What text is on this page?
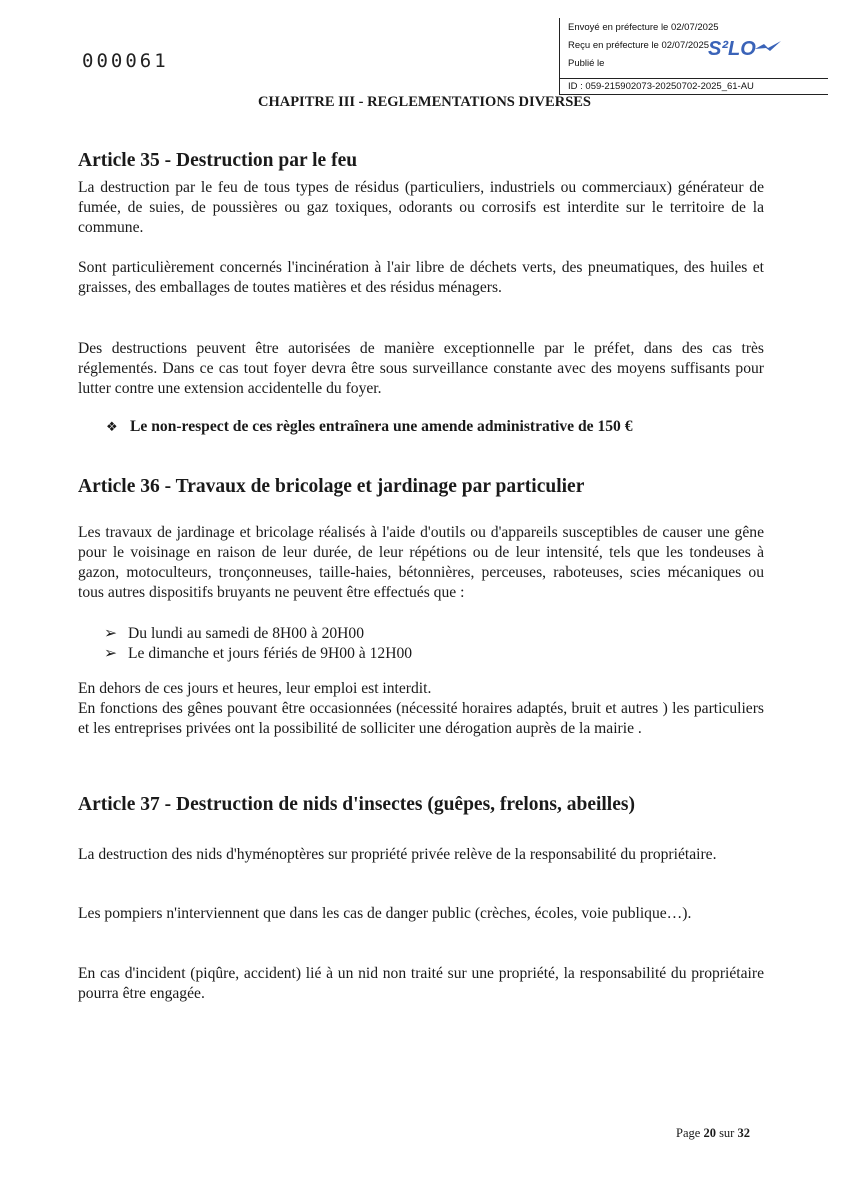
Envoyé en préfecture le 02/07/2025
Reçu en préfecture le 02/07/2025
Publié le
ID : 059-215902073-20250702-2025_61-AU
S²LO
000061
CHAPITRE III - REGLEMENTATIONS DIVERSES
Article 35 - Destruction par le feu
La destruction par le feu de tous types de résidus (particuliers, industriels ou commerciaux) générateur de fumée, de suies, de poussières ou gaz toxiques, odorants ou corrosifs est interdite sur le territoire de la commune.
Sont particulièrement concernés l'incinération à l'air libre de déchets verts, des pneumatiques, des huiles et graisses, des emballages de toutes matières et des résidus ménagers.
Des destructions peuvent être autorisées de manière exceptionnelle par le préfet, dans des cas très réglementés. Dans ce cas tout foyer devra être sous surveillance constante avec des moyens suffisants pour lutter contre une extension accidentelle du foyer.
❖ Le non-respect de ces règles entraînera une amende administrative de 150 €
Article 36 - Travaux de bricolage et jardinage par particulier
Les travaux de jardinage et bricolage réalisés à l'aide d'outils ou d'appareils susceptibles de causer une gêne pour le voisinage en raison de leur durée, de leur répétions ou de leur intensité, tels que les tondeuses à gazon, motoculteurs, tronçonneuses, taille-haies, bétonnières, perceuses, raboteuses, scies mécaniques ou tous autres dispositifs bruyants ne peuvent être effectués que :
➢ Du lundi au samedi de 8H00 à 20H00
➢ Le dimanche et jours fériés de 9H00 à 12H00
En dehors de ces jours et heures, leur emploi est interdit.
En fonctions des gênes pouvant être occasionnées (nécessité horaires adaptés, bruit et autres ) les particuliers et les entreprises privées ont la possibilité de solliciter une dérogation auprès de la mairie .
Article 37 - Destruction de nids d'insectes (guêpes, frelons, abeilles)
La destruction des nids d'hyménoptères sur propriété privée relève de la responsabilité du propriétaire.
Les pompiers n'interviennent que dans les cas de danger public (crèches, écoles, voie publique…).
En cas d'incident (piqûre, accident) lié à un nid non traité sur une propriété, la responsabilité du propriétaire pourra être engagée.
Page 20 sur 32
